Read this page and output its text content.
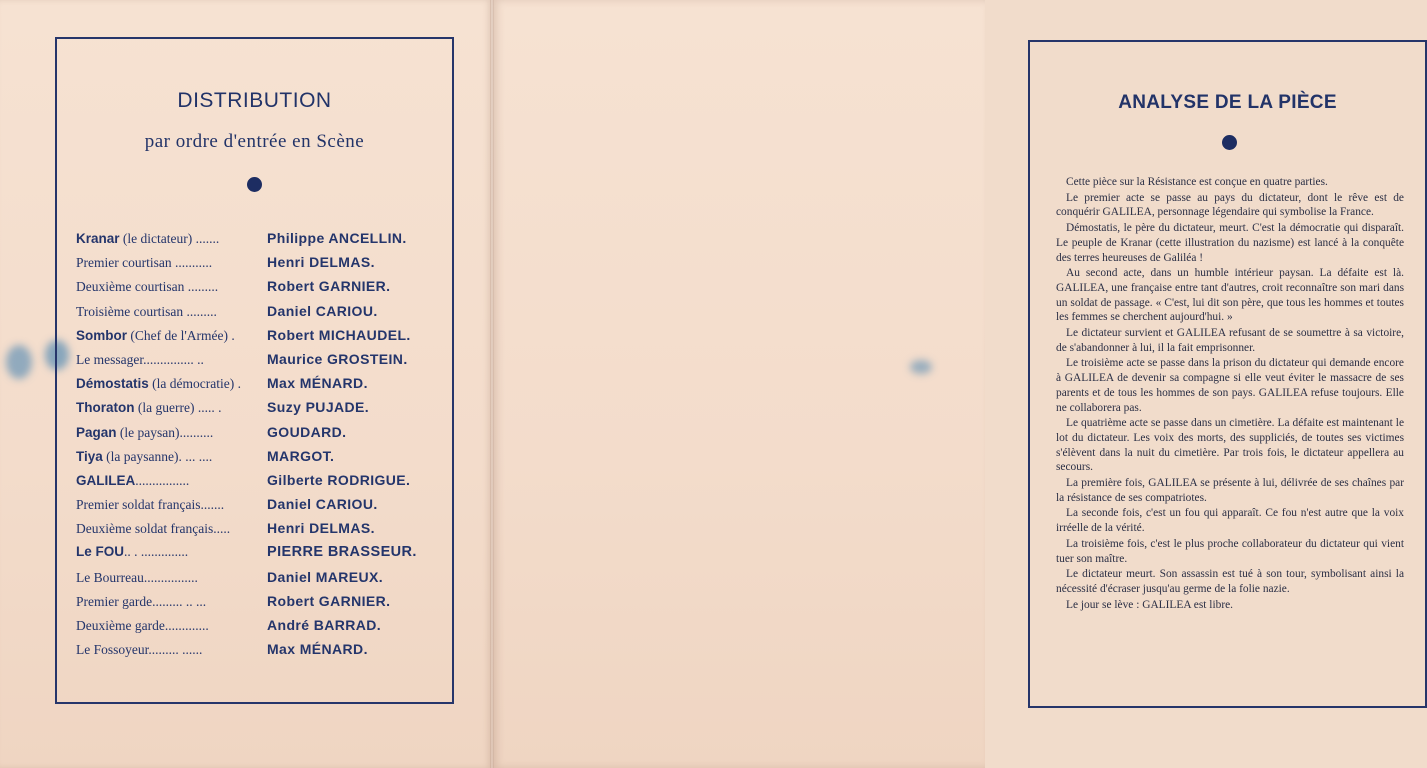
DISTRIBUTION
par ordre d'entrée en Scène
Kranar (le dictateur) .......	Philippe ANCELLIN.
Premier courtisan ...........	Henri DELMAS.
Deuxième courtisan .........	Robert GARNIER.
Troisième courtisan .........	Daniel CARIOU.
Sombor (Chef de l'Armée) .	Robert MICHAUDEL.
Le messager............... ..	Maurice GROSTEIN.
Démostatis (la démocratie) .	Max MÉNARD.
Thoraton (la guerre) ..... .	Suzy PUJADE.
Pagan (le paysan)..........	GOUDARD.
Tiya (la paysanne). ... ....	MARGOT.
GALILEA................	Gilberte RODRIGUE.
Premier soldat français.......	Daniel CARIOU.
Deuxième soldat français.....	Henri DELMAS.
Le FOU.. . ..............	PIERRE BRASSEUR.
Le Bourreau................	Daniel MAREUX.
Premier garde......... .. ...	Robert GARNIER.
Deuxième garde.............	André BARRAD.
Le Fossoyeur......... ......	Max MÉNARD.
ANALYSE DE LA PIÈCE

Cette pièce sur la Résistance est conçue en quatre parties.

Le premier acte se passe au pays du dictateur, dont le rêve est de conquérir GALILEA, personnage légendaire qui symbolise la France.

Démostatis, le père du dictateur, meurt. C'est la démocratie qui disparaît. Le peuple de Kranar (cette illustration du nazisme) est lancé à la conquête des terres heureuses de Galiléa !

Au second acte, dans un humble intérieur paysan. La défaite est là. GALILEA, une française entre tant d'autres, croit reconnaître son mari dans un soldat de passage. « C'est, lui dit son père, que tous les hommes et toutes les femmes se cherchent aujourd'hui. »

Le dictateur survient et GALILEA refusant de se soumettre à sa victoire, de s'abandonner à lui, il la fait emprisonner.

Le troisième acte se passe dans la prison du dictateur qui demande encore à GALILEA de devenir sa compagne si elle veut éviter le massacre de ses parents et de tous les hommes de son pays. GALILEA refuse toujours. Elle ne collaborera pas.

Le quatrième acte se passe dans un cimetière. La défaite est maintenant le lot du dictateur. Les voix des morts, des suppliciés, de toutes ses victimes s'élèvent dans la nuit du cimetière. Par trois fois, le dictateur appellera au secours.

La première fois, GALILEA se présente à lui, délivrée de ses chaînes par la résistance de ses compatriotes.

La seconde fois, c'est un fou qui apparaît. Ce fou n'est autre que la voix irréelle de la vérité.

La troisième fois, c'est le plus proche collaborateur du dictateur qui vient tuer son maître.

Le dictateur meurt. Son assassin est tué à son tour, symbolisant ainsi la nécessité d'écraser jusqu'au germe de la folie nazie.

Le jour se lève : GALILEA est libre.
